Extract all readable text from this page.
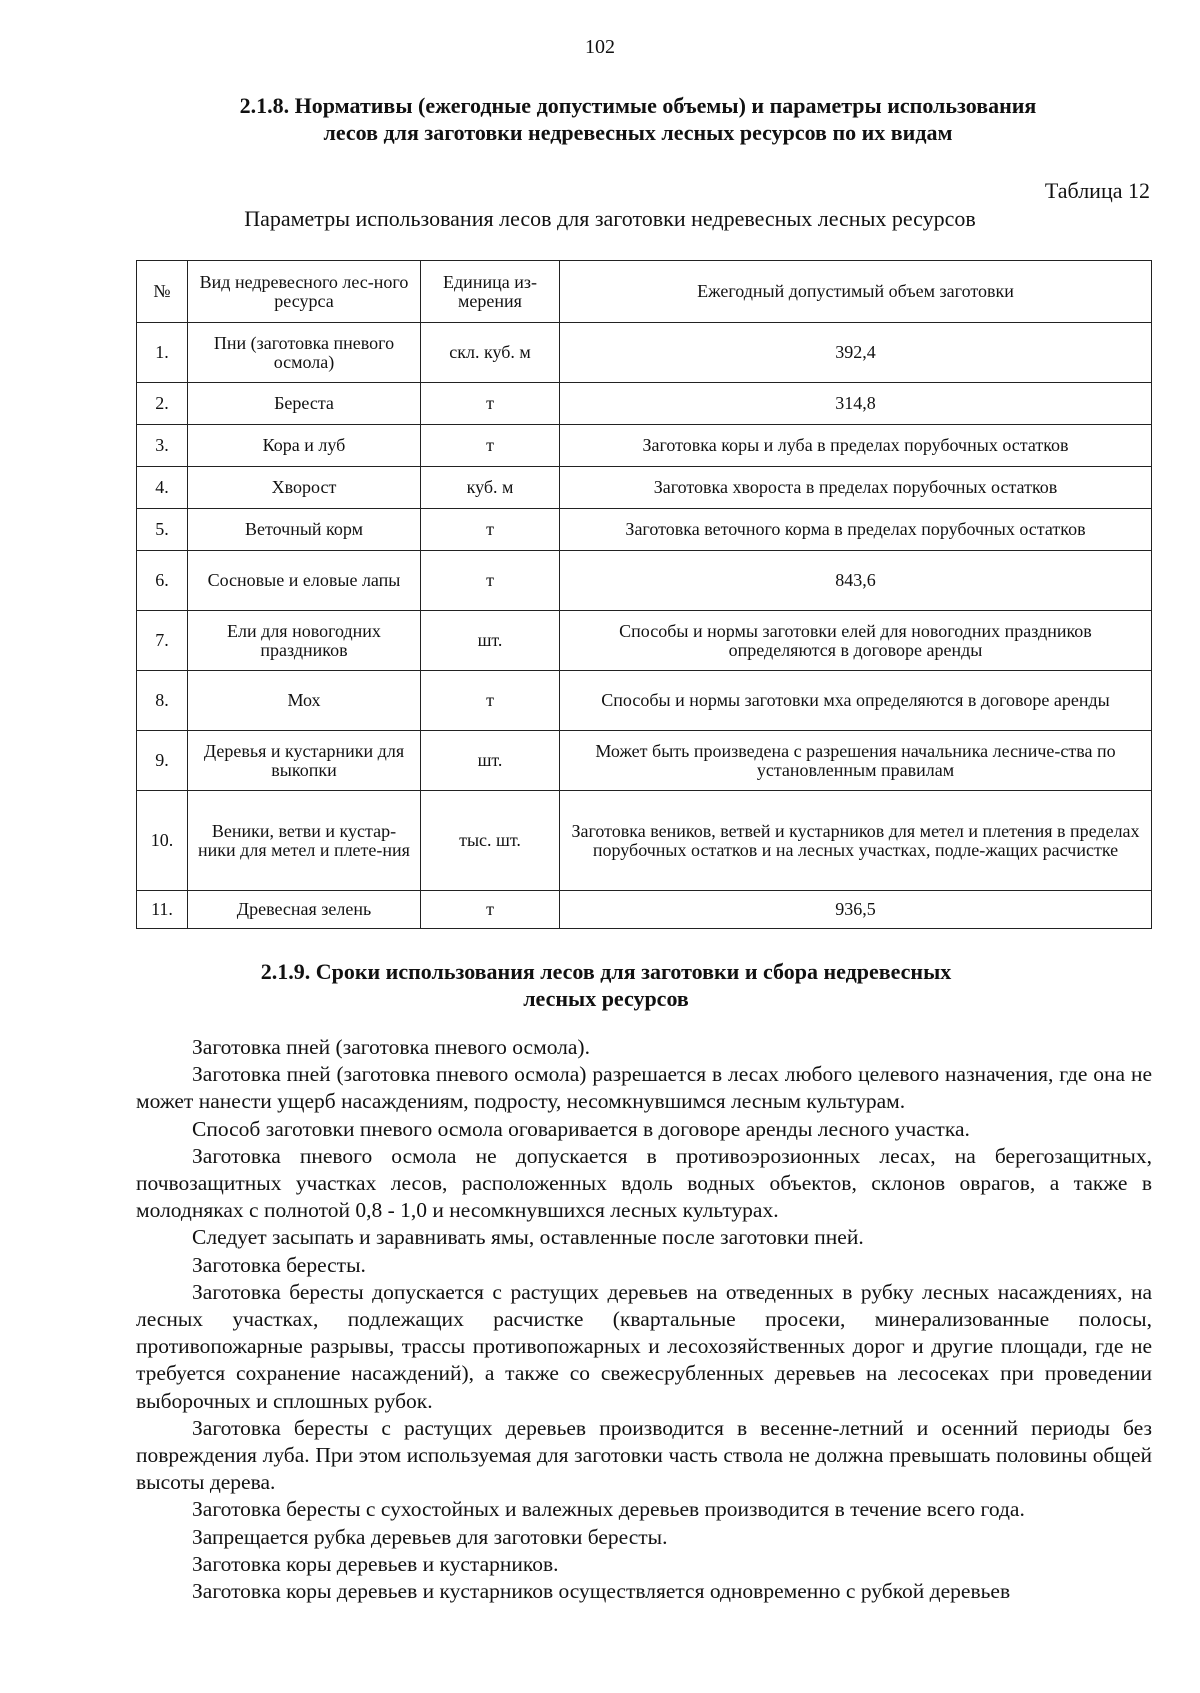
102
2.1.8. Нормативы (ежегодные допустимые объемы) и параметры использования
лесов для заготовки недревесных лесных ресурсов по их видам
Таблица 12
Параметры использования лесов для заготовки недревесных лесных ресурсов
№	Вид недревесного лес-ного ресурса	Единица из-мерения	Ежегодный допустимый объем заготовки
1.	Пни (заготовка пневого осмола)	скл. куб. м	392,4
2.	Береста	т	314,8
3.	Кора и луб	т	Заготовка коры и луба в пределах порубочных остатков
4.	Хворост	куб. м	Заготовка хвороста в пределах порубочных остатков
5.	Веточный корм	т	Заготовка веточного корма в пределах порубочных остатков
6.	Сосновые и еловые лапы	т	843,6
7.	Ели для новогодних праздников	шт.	Способы и нормы заготовки елей для новогодних праздников определяются в договоре аренды
8.	Мох	т	Способы и нормы заготовки мха определяются в договоре аренды
9.	Деревья и кустарники для выкопки	шт.	Может быть произведена с разрешения начальника лесниче-ства по установленным правилам
10.	Веники, ветви и кустар-ники для метел и плете-ния	тыс. шт.	Заготовка веников, ветвей и кустарников для метел и плетения в пределах порубочных остатков и на лесных участках, подле-жащих расчистке
11.	Древесная зелень	т	936,5
2.1.9. Сроки использования лесов для заготовки и сбора недревесных
лесных ресурсов

Заготовка пней (заготовка пневого осмола).

Заготовка пней (заготовка пневого осмола) разрешается в лесах любого целевого назначения, где она не может нанести ущерб насаждениям, подросту, несомкнувшимся лесным культурам.

Способ заготовки пневого осмола оговаривается в договоре аренды лесного участка.

Заготовка пневого осмола не допускается в противоэрозионных лесах, на берегозащитных, почвозащитных участках лесов, расположенных вдоль водных объектов, склонов оврагов, а также в молодняках с полнотой 0,8 - 1,0 и несомкнувшихся лесных культурах.

Следует засыпать и заравнивать ямы, оставленные после заготовки пней.

Заготовка бересты.

Заготовка бересты допускается с растущих деревьев на отведенных в рубку лесных насаждениях, на лесных участках, подлежащих расчистке (квартальные просеки, минерализованные полосы, противопожарные разрывы, трассы противопожарных и лесохозяйственных дорог и другие площади, где не требуется сохранение насаждений), а также со свежесрубленных деревьев на лесосеках при проведении выборочных и сплошных рубок.

Заготовка бересты с растущих деревьев производится в весенне-летний и осенний периоды без повреждения луба. При этом используемая для заготовки часть ствола не должна превышать половины общей высоты дерева.

Заготовка бересты с сухостойных и валежных деревьев производится в течение всего года.

Запрещается рубка деревьев для заготовки бересты.

Заготовка коры деревьев и кустарников.

Заготовка коры деревьев и кустарников осуществляется одновременно с рубкой деревьев
